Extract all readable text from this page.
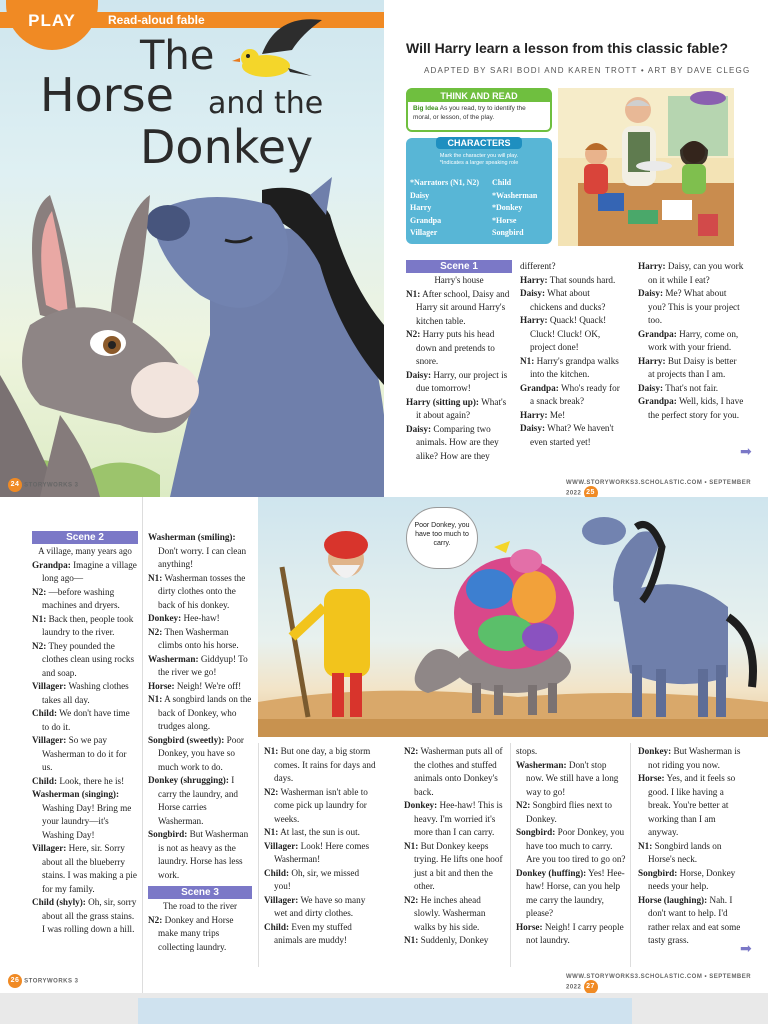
PLAY	Read-aloud fable
The
Horse and the
Donkey
24 STORYWORKS 3
Will Harry learn a lesson from this classic fable?
ADAPTED BY SARI BODI AND KAREN TROTT • ART BY DAVE CLEGG
THINK AND READ
Big Idea As you read, try to identify the moral, or lesson, of the play.
CHARACTERS
Mark the character you will play.
*Indicates a larger speaking role
*Narrators (N1, N2)
Daisy
Harry
Grandpa
Villager
Child
*Washerman
*Donkey
*Horse
Songbird
Scene 1
Harry's house

N1: After school, Daisy and Harry sit around Harry's kitchen table.

N2: Harry puts his head down and pretends to snore.

Daisy: Harry, our project is due tomorrow!

Harry (sitting up): What's it about again?

Daisy: Comparing two animals. How are they alike? How are they

different?

Harry: That sounds hard.

Daisy: What about chickens and ducks?

Harry: Quack! Quack! Cluck! Cluck! OK, project done!

N1: Harry's grandpa walks into the kitchen.

Grandpa: Who's ready for a snack break?

Harry: Me!

Daisy: What? We haven't even started yet!

Harry: Daisy, can you work on it while I eat?

Daisy: Me? What about you? This is your project too.

Grandpa: Harry, come on, work with your friend.

Harry: But Daisy is better at projects than I am.

Daisy: That's not fair.

Grandpa: Well, kids, I have the perfect story for you.

WWW.STORYWORKS3.SCHOLASTIC.COM • SEPTEMBER 2022 25
➡
Scene 2
A village, many years ago

Grandpa: Imagine a village long ago—

N2: —before washing machines and dryers.

N1: Back then, people took laundry to the river.

N2: They pounded the clothes clean using rocks and soap.

Villager: Washing clothes takes all day.

Child: We don't have time to do it.

Villager: So we pay Washerman to do it for us.

Child: Look, there he is!

Washerman (singing): Washing Day! Bring me your laundry—it's Washing Day!

Villager: Here, sir. Sorry about all the blueberry stains. I was making a pie for my family.

Child (shyly): Oh, sir, sorry about all the grass stains. I was rolling down a hill.

Washerman (smiling): Don't worry. I can clean anything!

N1: Washerman tosses the dirty clothes onto the back of his donkey.

Donkey: Hee-haw!

N2: Then Washerman climbs onto his horse.

Washerman: Giddyup! To the river we go!

Horse: Neigh! We're off!

N1: A songbird lands on the back of Donkey, who trudges along.

Songbird (sweetly): Poor Donkey, you have so much work to do.

Donkey (shrugging): I carry the laundry, and Horse carries Washerman.

Songbird: But Washerman is not as heavy as the laundry. Horse has less work.

Scene 3
The road to the river

N2: Donkey and Horse make many trips collecting laundry.

N1: But one day, a big storm comes. It rains for days and days.

N2: Washerman isn't able to come pick up laundry for weeks.

N1: At last, the sun is out.

Villager: Look! Here comes Washerman!

Child: Oh, sir, we missed you!

Villager: We have so many wet and dirty clothes.

Child: Even my stuffed animals are muddy!

26 STORYWORKS 3

N2: Washerman puts all of the clothes and stuffed animals onto Donkey's back.

Donkey: Hee-haw! This is heavy. I'm worried it's more than I can carry.

N1: But Donkey keeps trying. He lifts one hoof just a bit and then the other.

N2: He inches ahead slowly. Washerman walks by his side.

N1: Suddenly, Donkey

stops.

Washerman: Don't stop now. We still have a long way to go!

N2: Songbird flies next to Donkey.

Songbird: Poor Donkey, you have too much to carry. Are you too tired to go on?

Donkey (huffing): Yes! Hee-haw! Horse, can you help me carry the laundry, please?

Horse: Neigh! I carry people not laundry.

Donkey: But Washerman is not riding you now.

Horse: Yes, and it feels so good. I like having a break. You're better at working than I am anyway.

N1: Songbird lands on Horse's neck.

Songbird: Horse, Donkey needs your help.

Horse (laughing): Nah. I don't want to help. I'd rather relax and eat some tasty grass.

➡
WWW.STORYWORKS3.SCHOLASTIC.COM • SEPTEMBER 2022 27
Poor Donkey, you have too much to carry.
